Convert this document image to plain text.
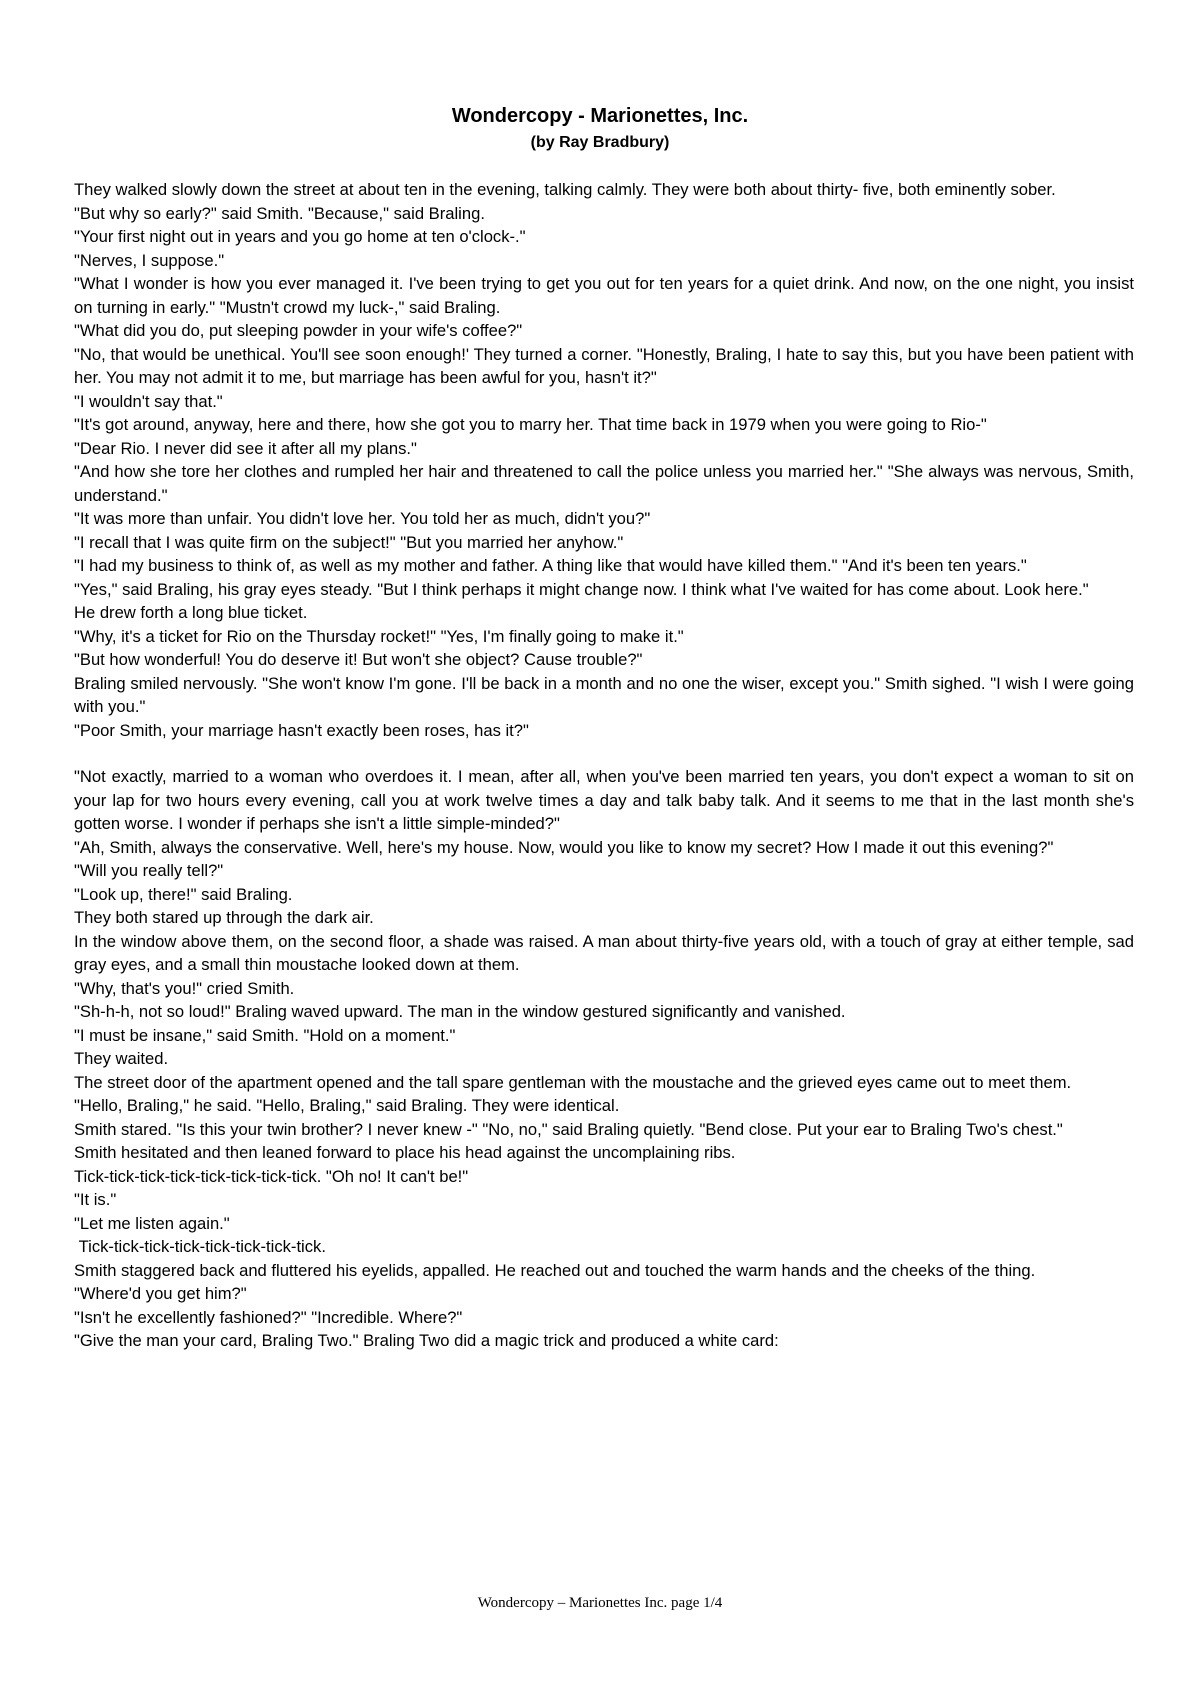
Wondercopy - Marionettes, Inc.
(by Ray Bradbury)

They walked slowly down the street at about ten in the evening, talking calmly. They were both about thirty- five, both eminently sober.

"But why so early?" said Smith. "Because," said Braling.

"Your first night out in years and you go home at ten o'clock-."

"Nerves, I suppose."

"What I wonder is how you ever managed it. I've been trying to get you out for ten years for a quiet drink. And now, on the one night, you insist on turning in early." "Mustn't crowd my luck-," said Braling.

"What did you do, put sleeping powder in your wife's coffee?"

"No, that would be unethical. You'll see soon enough!' They turned a corner. "Honestly, Braling, I hate to say this, but you have been patient with her. You may not admit it to me, but marriage has been awful for you, hasn't it?"

"I wouldn't say that."

"It's got around, anyway, here and there, how she got you to marry her. That time back in 1979 when you were going to Rio-"

"Dear Rio. I never did see it after all my plans."

"And how she tore her clothes and rumpled her hair and threatened to call the police unless you married her." "She always was nervous, Smith, understand."

"It was more than unfair. You didn't love her. You told her as much, didn't you?"

"I recall that I was quite firm on the subject!" "But you married her anyhow."

"I had my business to think of, as well as my mother and father. A thing like that would have killed them." "And it's been ten years."

"Yes," said Braling, his gray eyes steady. "But I think perhaps it might change now. I think what I've waited for has come about. Look here."

He drew forth a long blue ticket.

"Why, it's a ticket for Rio on the Thursday rocket!" "Yes, I'm finally going to make it."

"But how wonderful! You do deserve it! But won't she object? Cause trouble?"

Braling smiled nervously. "She won't know I'm gone. I'll be back in a month and no one the wiser, except you." Smith sighed. "I wish I were going with you."

"Poor Smith, your marriage hasn't exactly been roses, has it?"

"Not exactly, married to a woman who overdoes it. I mean, after all, when you've been married ten years, you don't expect a woman to sit on your lap for two hours every evening, call you at work twelve times a day and talk baby talk. And it seems to me that in the last month she's gotten worse. I wonder if perhaps she isn't a little simple-minded?"

"Ah, Smith, always the conservative. Well, here's my house. Now, would you like to know my secret? How I made it out this evening?"

"Will you really tell?"

"Look up, there!" said Braling.

They both stared up through the dark air.

In the window above them, on the second floor, a shade was raised. A man about thirty-five years old, with a touch of gray at either temple, sad gray eyes, and a small thin moustache looked down at them.

"Why, that's you!" cried Smith.

"Sh-h-h, not so loud!" Braling waved upward. The man in the window gestured significantly and vanished.

"I must be insane," said Smith. "Hold on a moment."

They waited.

The street door of the apartment opened and the tall spare gentleman with the moustache and the grieved eyes came out to meet them.

"Hello, Braling," he said. "Hello, Braling," said Braling. They were identical.

Smith stared. "Is this your twin brother? I never knew -" "No, no," said Braling quietly. "Bend close. Put your ear to Braling Two's chest."

Smith hesitated and then leaned forward to place his head against the uncomplaining ribs.

Tick-tick-tick-tick-tick-tick-tick-tick. "Oh no! It can't be!"

"It is."

"Let me listen again."

Tick-tick-tick-tick-tick-tick-tick-tick.

Smith staggered back and fluttered his eyelids, appalled. He reached out and touched the warm hands and the cheeks of the thing.

"Where'd you get him?"

"Isn't he excellently fashioned?" "Incredible. Where?"

"Give the man your card, Braling Two." Braling Two did a magic trick and produced a white card:

Wondercopy – Marionettes Inc. page 1/4
